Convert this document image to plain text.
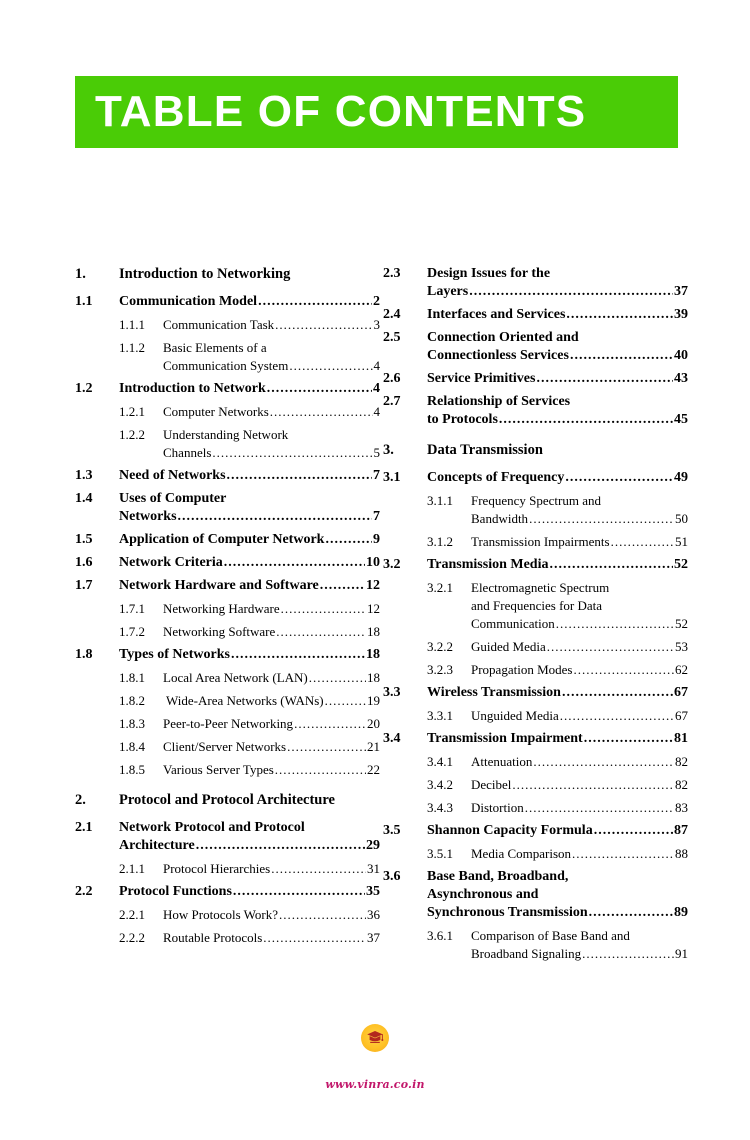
TABLE OF CONTENTS
1.	Introduction to Networking
1.1	Communication Model .....	2
1.1.1	Communication Task .....	3
1.1.2	Basic Elements of a
Communication System .....	4
1.2	Introduction to Network .....	4
1.2.1	Computer Networks .....	4
1.2.2	Understanding Network
Channels .....	5
1.3	Need of Networks .....	7
1.4	Uses of Computer
Networks .....	7
1.5	Application of Computer Network .....	9
1.6	Network Criteria .....	10
1.7	Network Hardware and Software .....	12
1.7.1	Networking Hardware .....	12
1.7.2	Networking Software .....	18
1.8	Types of Networks .....	18
1.8.1	Local Area Network (LAN) .....	18
1.8.2	Wide-Area Networks (WANs) .....	19
1.8.3	Peer-to-Peer Networking .....	20
1.8.4	Client/Server Networks .....	21
1.8.5	Various Server Types .....	22
2.	Protocol and Protocol Architecture
2.1	Network Protocol and Protocol
Architecture .....	29
2.1.1	Protocol Hierarchies .....	31
2.2	Protocol Functions .....	35
2.2.1	How Protocols Work? .....	36
2.2.2	Routable Protocols .....	37
2.3	Design Issues for the
Layers .....	37
2.4	Interfaces and Services .....	39
2.5	Connection Oriented and
Connectionless Services .....	40
2.6	Service Primitives .....	43
2.7	Relationship of Services
to Protocols .....	45
3.	Data Transmission
3.1	Concepts of Frequency .....	49
3.1.1	Frequency Spectrum and
Bandwidth .....	50
3.1.2	Transmission Impairments .....	51
3.2	Transmission Media .....	52
3.2.1	Electromagnetic Spectrum
and Frequencies for Data
Communication .....	52
3.2.2	Guided Media .....	53
3.2.3	Propagation Modes .....	62
3.3	Wireless Transmission .....	67
3.3.1	Unguided Media .....	67
3.4	Transmission Impairment .....	81
3.4.1	Attenuation .....	82
3.4.2	Decibel .....	82
3.4.3	Distortion .....	83
3.5	Shannon Capacity Formula .....	87
3.5.1	Media Comparison .....	88
3.6	Base Band, Broadband,
Asynchronous and
Synchronous Transmission .....	89
3.6.1	Comparison of Base Band and
Broadband Signaling .....	91
www.vinra.co.in
